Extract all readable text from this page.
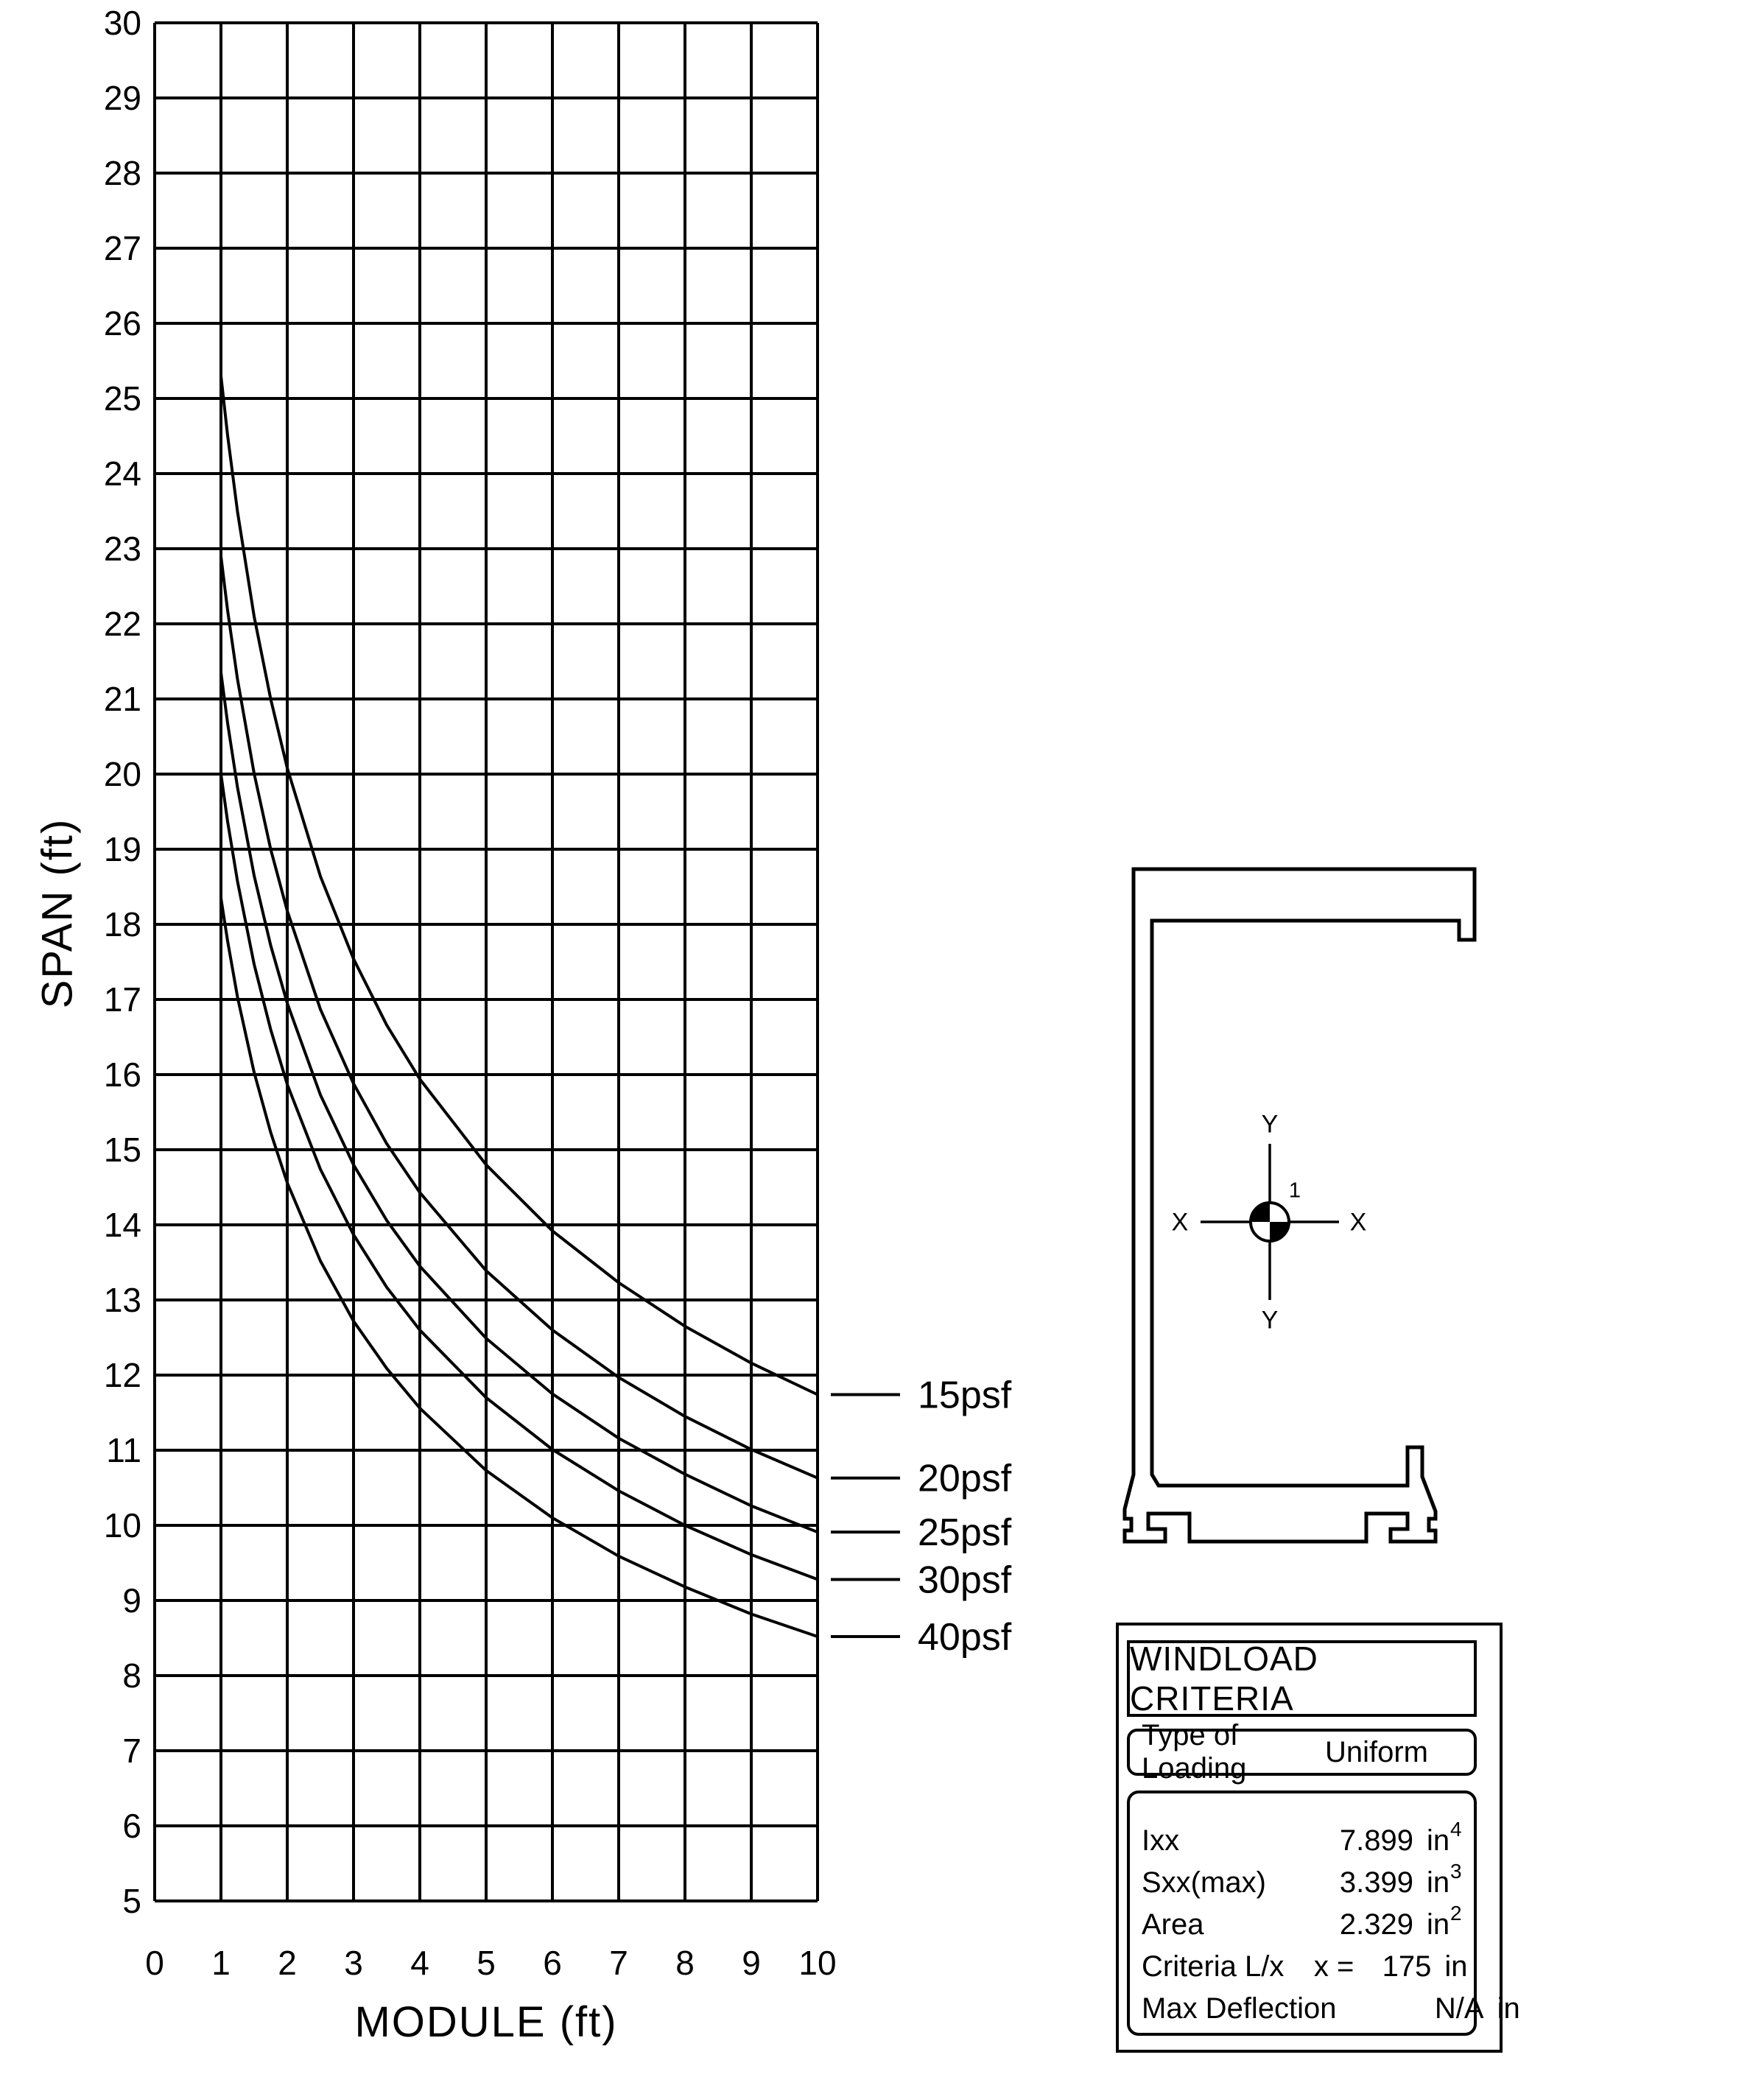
15psf
20psf
25psf
30psf
40psf
30
29
28
27
26
25
24
23
22
21
20
19
18
17
16
15
14
13
12
11
10
9
8
7
6
5
0 1 2 3 4 5 6 7 8 9 10
MODULE (ft)
SPAN (ft)
Y
Y
X	X
1
WINDLOAD CRITERIA
Type of Loading
Uniform
Ixx	7.899 in 4
Sxx(max)	3.399 in 3
Area	2.329 in 2
Criteria L/x	x = 175 in
Max Deflection	N/A in
